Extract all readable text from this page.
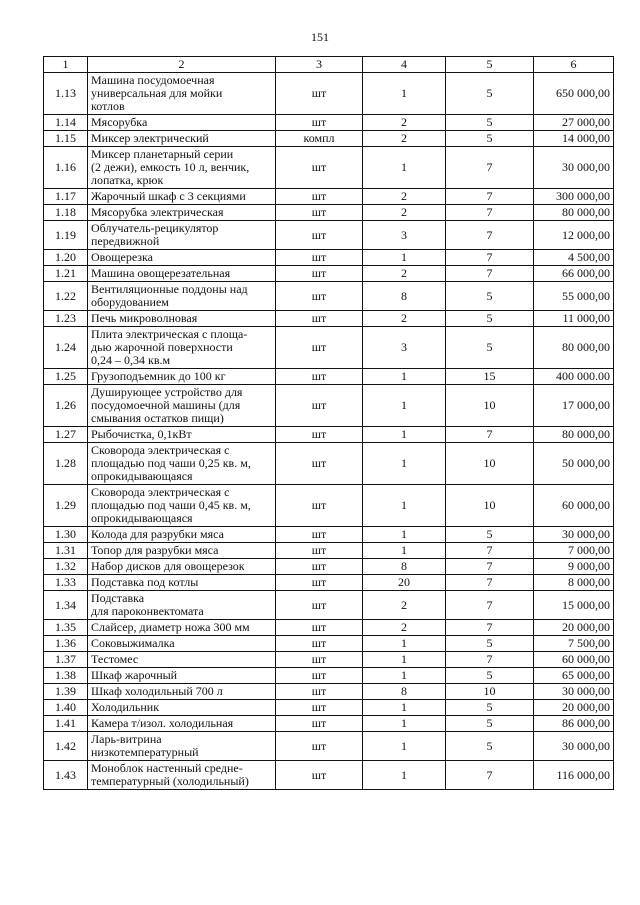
151
1	2	3	4	5	6
1.13	Машина посудомоечная
универсальная для мойки
котлов	шт	1	5	650 000,00
1.14	Мясорубка	шт	2	5	27 000,00
1.15	Миксер электрический	компл	2	5	14 000,00
1.16	Миксер планетарный серии
(2 дежи), емкость 10 л, венчик,
лопатка, крюк	шт	1	7	30 000,00
1.17	Жарочный шкаф с 3 секциями	шт	2	7	300 000,00
1.18	Мясорубка электрическая	шт	2	7	80 000,00
1.19	Облучатель-рецикулятор
передвижной	шт	3	7	12 000,00
1.20	Овощерезка	шт	1	7	4 500,00
1.21	Машина овощерезательная	шт	2	7	66 000,00
1.22	Вентиляционные поддоны над
оборудованием	шт	8	5	55 000,00
1.23	Печь микроволновая	шт	2	5	11 000,00
1.24	Плита электрическая с площа-
дью жарочной поверхности
0,24 – 0,34 кв.м	шт	3	5	80 000,00
1.25	Грузоподъемник до 100 кг	шт	1	15	400 000.00
1.26	Душирующее устройство для
посудомоечной машины (для
смывания остатков пищи)	шт	1	10	17 000,00
1.27	Рыбочистка, 0,1кВт	шт	1	7	80 000,00
1.28	Сковорода электрическая с
площадью под чаши 0,25 кв. м,
опрокидывающаяся	шт	1	10	50 000,00
1.29	Сковорода электрическая с
площадью под чаши 0,45 кв. м,
опрокидывающаяся	шт	1	10	60 000,00
1.30	Колода для разрубки мяса	шт	1	5	30 000,00
1.31	Топор для разрубки мяса	шт	1	7	7 000,00
1.32	Набор дисков для овощерезок	шт	8	7	9 000,00
1.33	Подставка под котлы	шт	20	7	8 000,00
1.34	Подставка
для пароконвектомата	шт	2	7	15 000,00
1.35	Слайсер, диаметр ножа 300 мм	шт	2	7	20 000,00
1.36	Соковыжималка	шт	1	5	7 500,00
1.37	Тестомес	шт	1	7	60 000,00
1.38	Шкаф жарочный	шт	1	5	65 000,00
1.39	Шкаф холодильный 700 л	шт	8	10	30 000,00
1.40	Холодильник	шт	1	5	20 000,00
1.41	Камера т/изол. холодильная	шт	1	5	86 000,00
1.42	Ларь-витрина
низкотемпературный	шт	1	5	30 000,00
1.43	Моноблок настенный средне-
температурный (холодильный)	шт	1	7	116 000,00
